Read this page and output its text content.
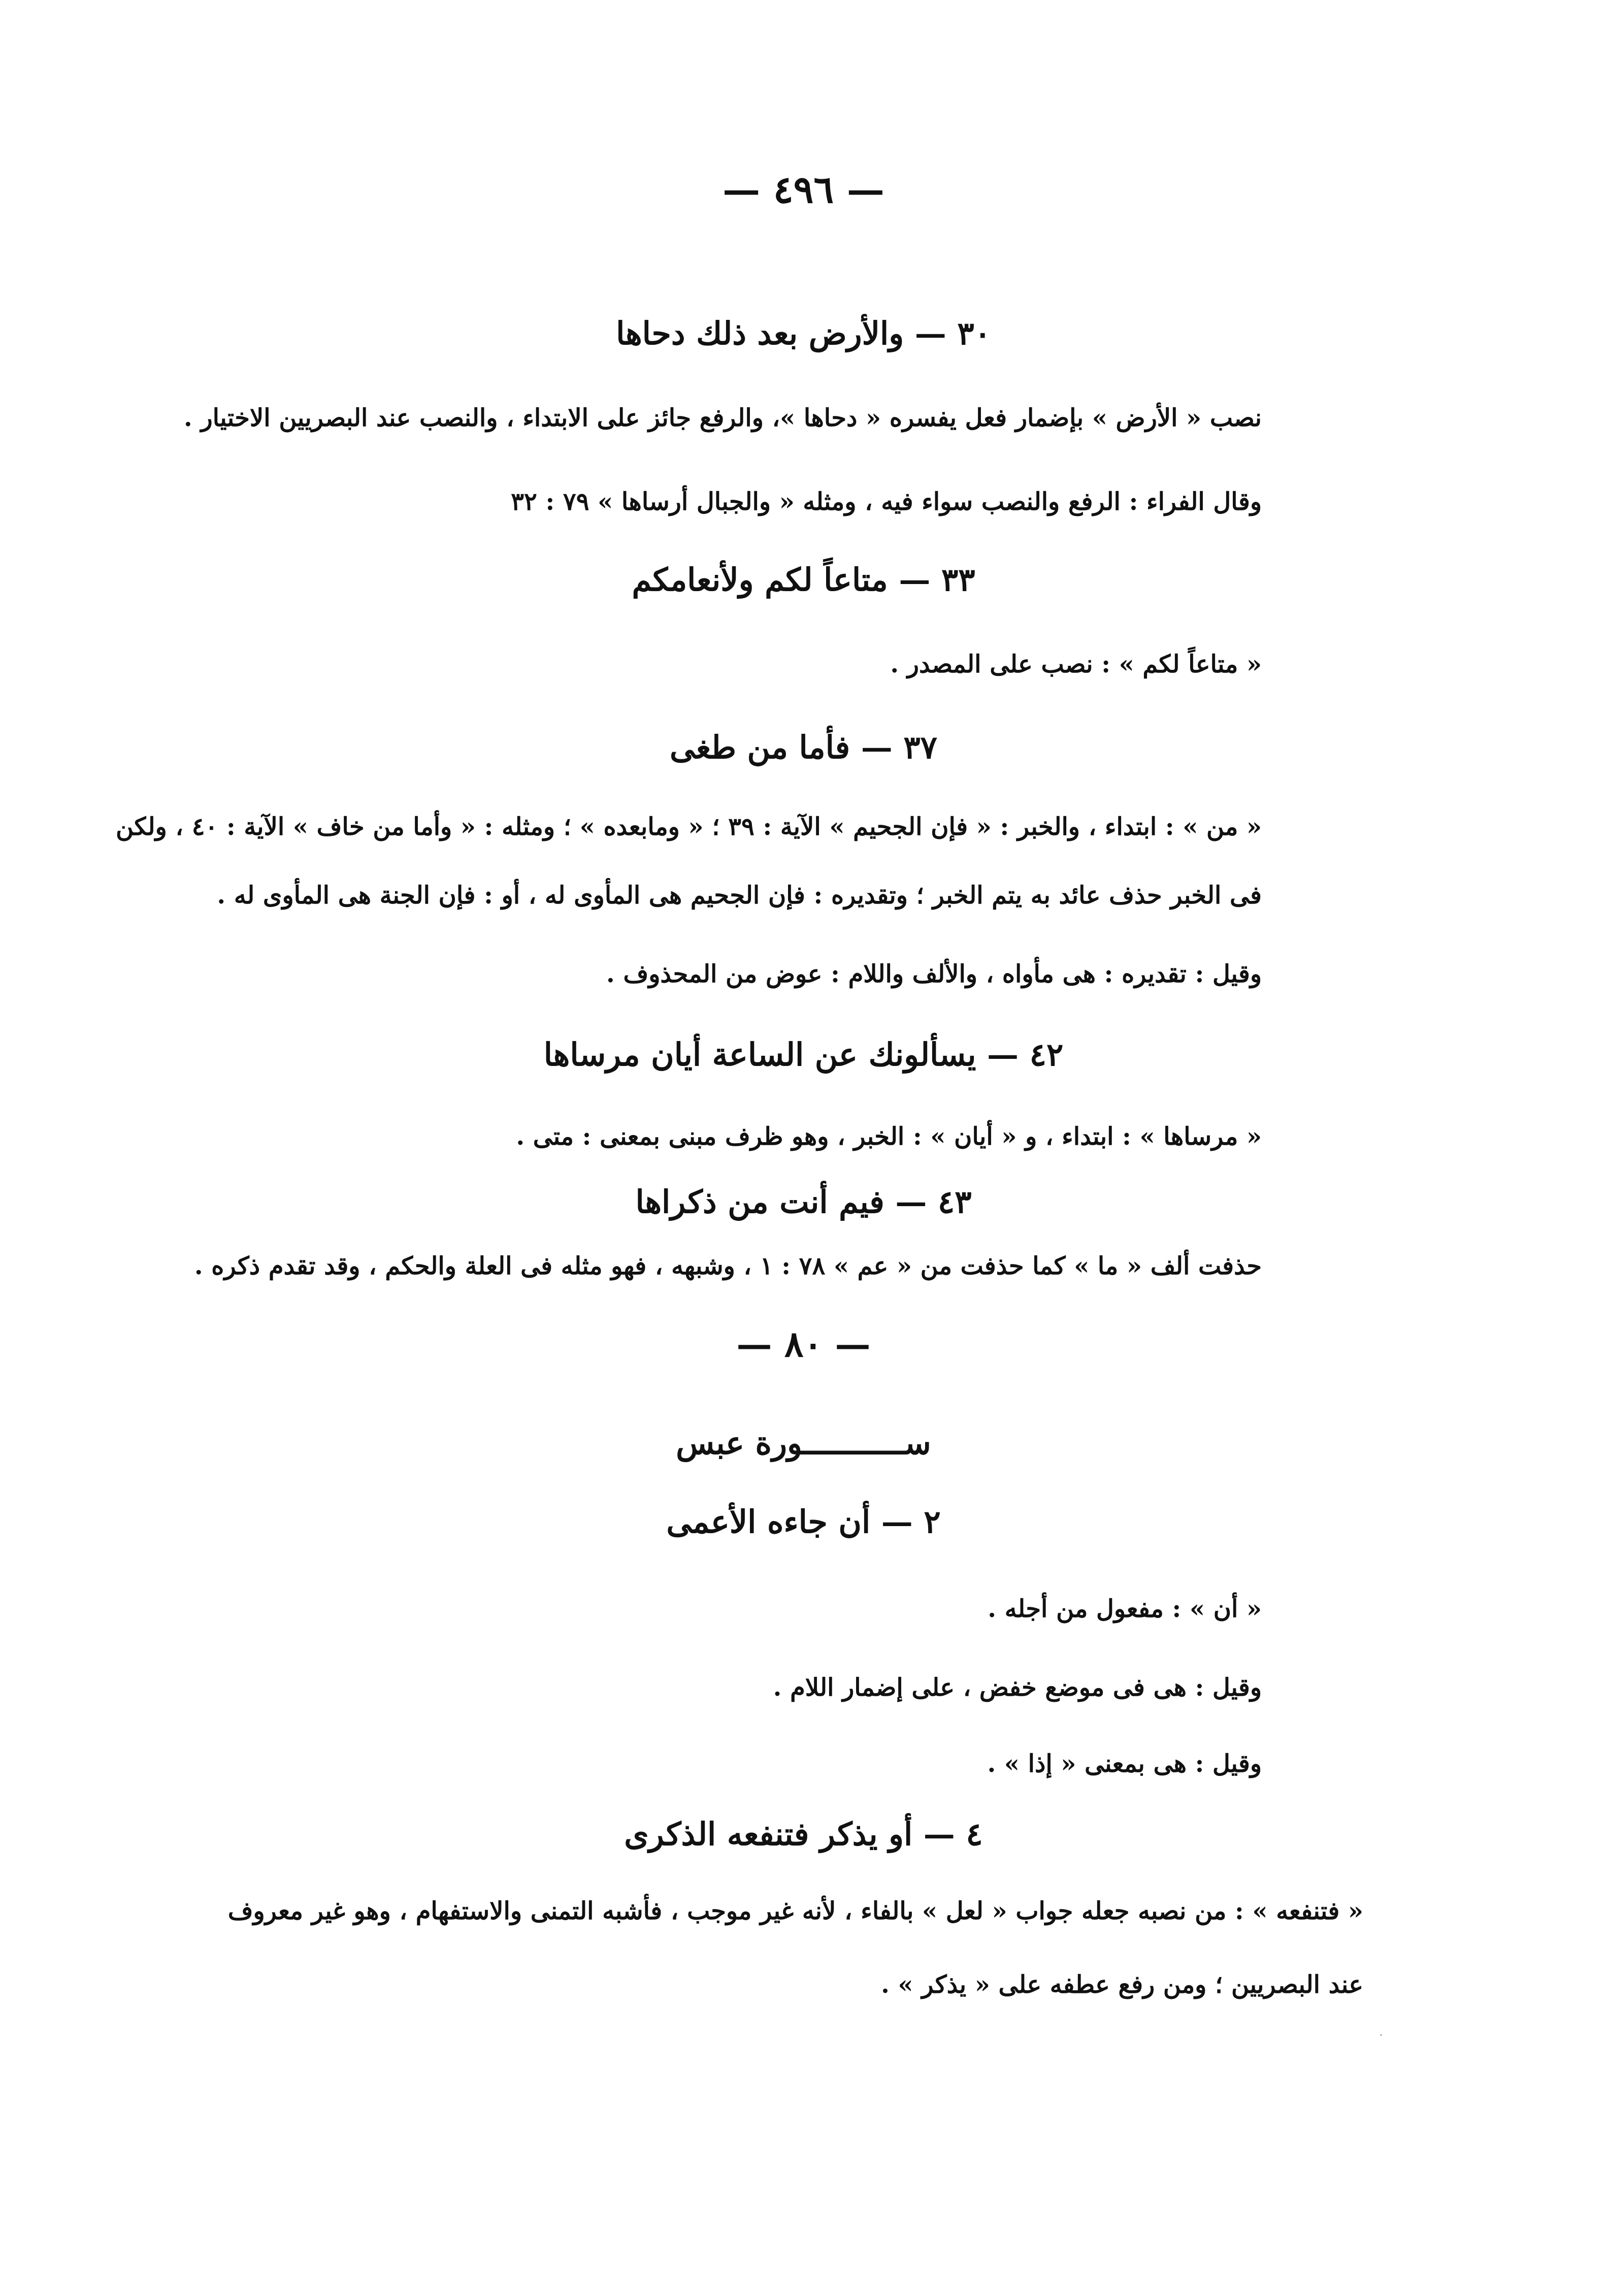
— ٤٩٦ —
٣٠ — والأرض بعد ذلك دحاها
نصب « الأرض » بإضمار فعل يفسره « دحاها »، والرفع جائز على الابتداء ، والنصب عند البصريين الاختيار .
وقال الفراء : الرفع والنصب سواء فيه ، ومثله « والجبال أرساها » ٧٩ : ٣٢
٣٣ — متاعاً لكم ولأنعامكم
« متاعاً لكم » : نصب على المصدر .
٣٧ — فأما من طغى
« من » : ابتداء ، والخبر : « فإن الجحيم » الآية : ٣٩ ؛ « ومابعده » ؛ ومثله : « وأما من خاف » الآية : ٤٠ ، ولكن
فى الخبر حذف عائد به يتم الخبر ؛ وتقديره : فإن الجحيم هى المأوى له ، أو : فإن الجنة هى المأوى له .
وقيل : تقديره : هى مأواه ، والألف واللام : عوض من المحذوف .
٤٢ — يسألونك عن الساعة أيان مرساها
« مرساها » : ابتداء ، و « أيان » : الخبر ، وهو ظرف مبنى بمعنى : متى .
٤٣ — فيم أنت من ذكراها
حذفت ألف « ما » كما حذفت من « عم » ٧٨ : ١ ، وشبهه ، فهو مثله فى العلة والحكم ، وقد تقدم ذكره .
— ٨٠ —
ســـــــــــورة عبس
٢ — أن جاءه الأعمى
« أن » : مفعول من أجله .
وقيل : هى فى موضع خفض ، على إضمار اللام .
وقيل : هى بمعنى « إذا » .
٤ — أو يذكر فتنفعه الذكرى
« فتنفعه » : من نصبه جعله جواب « لعل » بالفاء ، لأنه غير موجب ، فأشبه التمنى والاستفهام ، وهو غير معروف
عند البصريين ؛ ومن رفع عطفه على « يذكر » .
